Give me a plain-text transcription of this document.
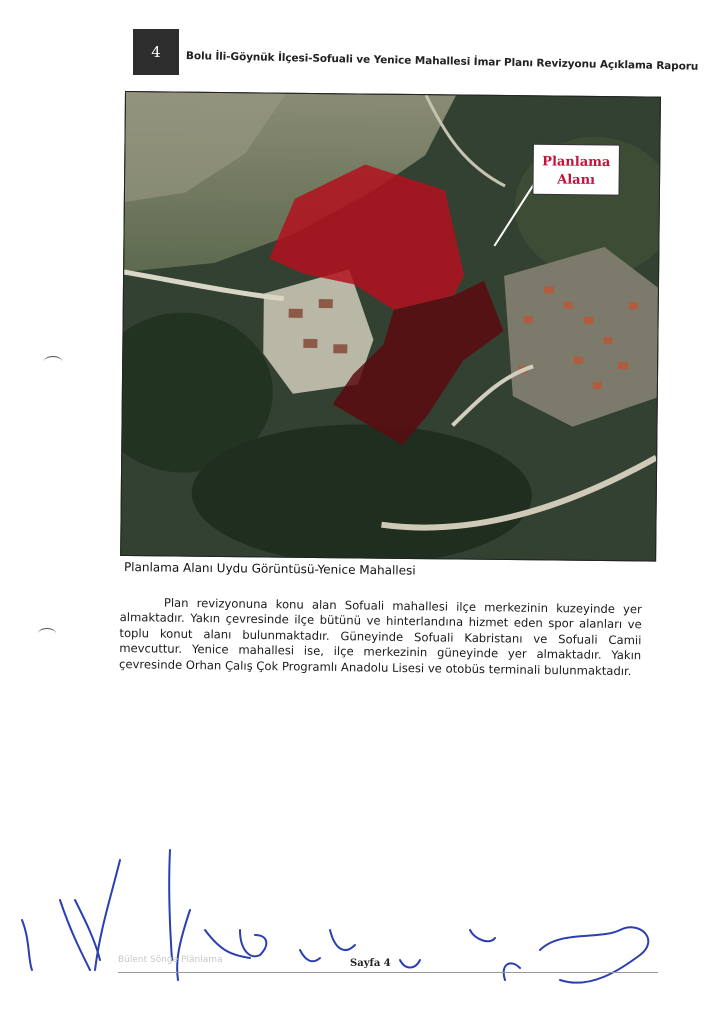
4 Bolu İli-Göynük İlçesi-Sofuali ve Yenice Mahallesi İmar Planı Revizyonu Açıklama Raporu
Planlama
Alanı
Planlama Alanı Uydu Görüntüsü-Yenice Mahallesi
Plan revizyonuna konu alan Sofuali mahallesi ilçe merkezinin kuzeyinde yer almaktadır. Yakın çevresinde ilçe bütünü ve hinterlandına hizmet eden spor alanları ve toplu konut alanı bulunmaktadır. Güneyinde Sofuali Kabristanı ve Sofuali Camii mevcuttur. Yenice mahallesi ise, ilçe merkezinin güneyinde yer almaktadır. Yakın çevresinde Orhan Çalış Çok Programlı Anadolu Lisesi ve otobüs terminali bulunmaktadır.
Bülent Sönge Plânlama	Sayfa 4
